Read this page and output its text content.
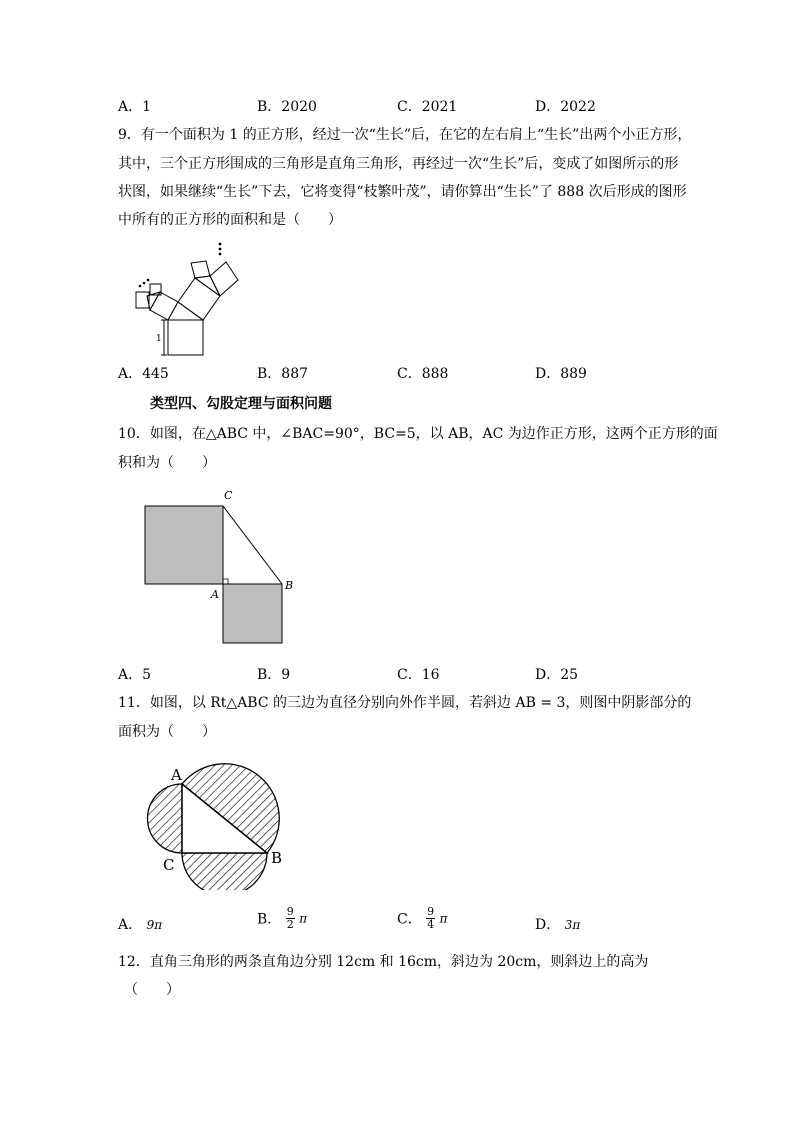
A．1	B．2020	C．2021	D．2022
9．有一个面积为 1 的正方形，经过一次“生长”后，在它的左右肩上“生长”出两个小正方形，
其中，三个正方形围成的三角形是直角三角形，再经过一次“生长”后，变成了如图所示的形
状图，如果继续“生长”下去，它将变得“枝繁叶茂”，请你算出“生长”了 888 次后形成的图形
中所有的正方形的面积和是（　　）
1
A．445	B．887	C．888	D．889
类型四、勾股定理与面积问题
10．如图，在△ABC 中，∠BAC=90°，BC=5，以 AB，AC 为边作正方形，这两个正方形的面
积和为（　　）
C
A
B
A．5	B．9	C．16	D．25
11．如图，以 Rt△ABC 的三边为直径分别向外作半圆，若斜边 AB = 3，则图中阴影部分的
面积为（　　）
A
B
C
A． 9π	B． $\frac{9}{2}$ π	C． $\frac{9}{4}$ π	D． 3π
12．直角三角形的两条直角边分别 12cm 和 16cm，斜边为 20cm，则斜边上的高为
（　　）
